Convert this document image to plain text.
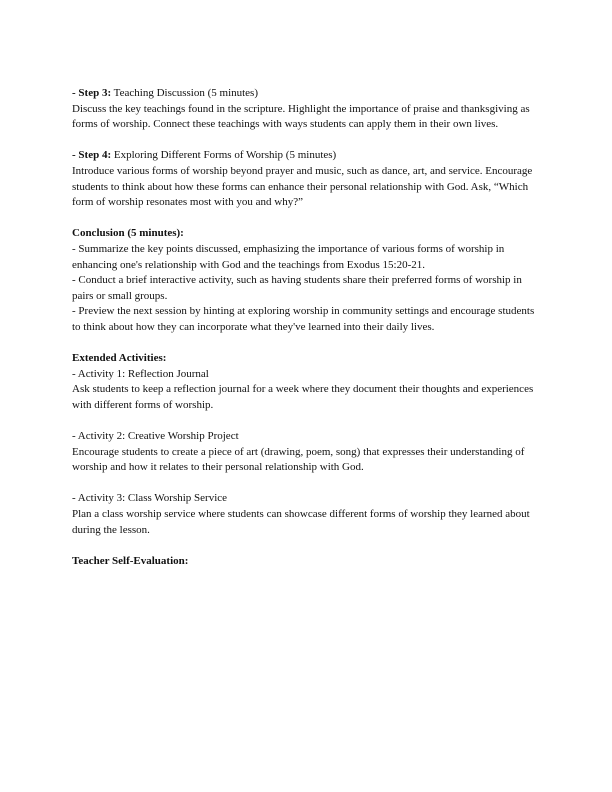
- Step 3: Teaching Discussion (5 minutes)

Discuss the key teachings found in the scripture. Highlight the importance of praise and thanksgiving as forms of worship. Connect these teachings with ways students can apply them in their own lives.

- Step 4: Exploring Different Forms of Worship (5 minutes)

Introduce various forms of worship beyond prayer and music, such as dance, art, and service. Encourage students to think about how these forms can enhance their personal relationship with God. Ask, “Which form of worship resonates most with you and why?”

Conclusion (5 minutes):

- Summarize the key points discussed, emphasizing the importance of various forms of worship in enhancing one's relationship with God and the teachings from Exodus 15:20-21.

- Conduct a brief interactive activity, such as having students share their preferred forms of worship in pairs or small groups.

- Preview the next session by hinting at exploring worship in community settings and encourage students to think about how they can incorporate what they've learned into their daily lives.

Extended Activities:

- Activity 1: Reflection Journal

Ask students to keep a reflection journal for a week where they document their thoughts and experiences with different forms of worship.

- Activity 2: Creative Worship Project

Encourage students to create a piece of art (drawing, poem, song) that expresses their understanding of worship and how it relates to their personal relationship with God.

- Activity 3: Class Worship Service

Plan a class worship service where students can showcase different forms of worship they learned about during the lesson.

Teacher Self-Evaluation:
